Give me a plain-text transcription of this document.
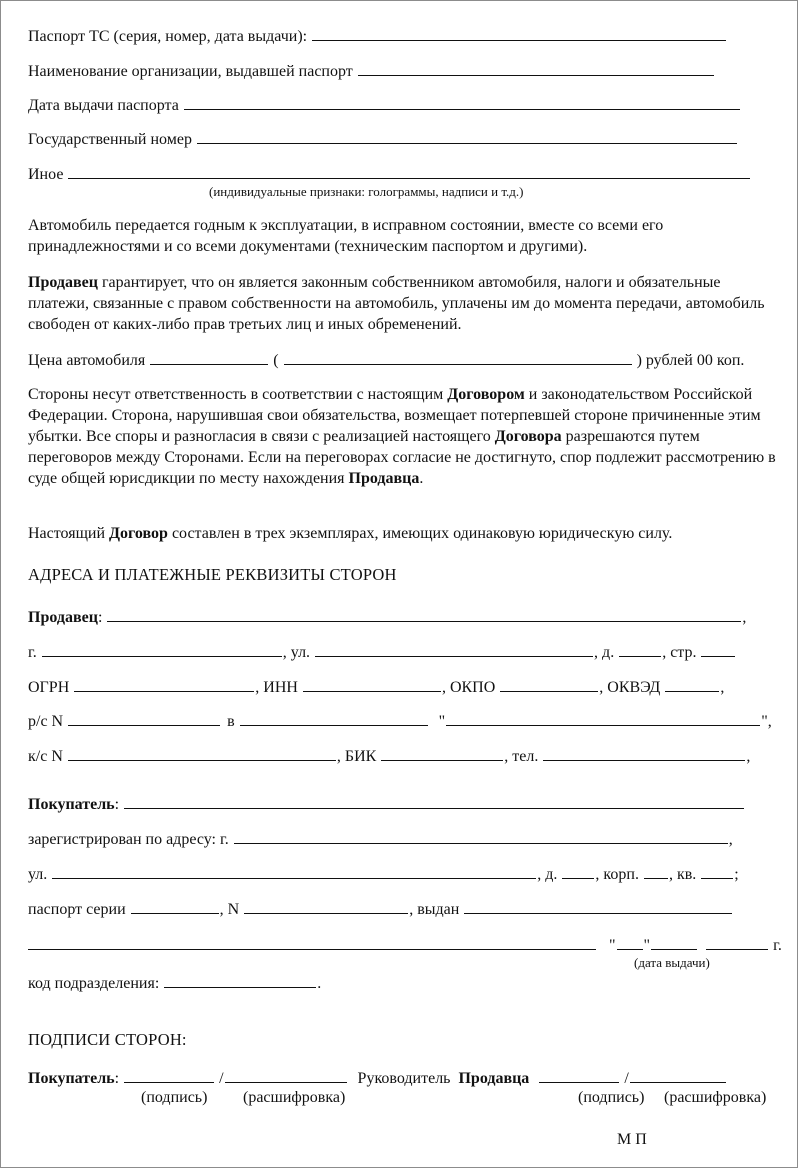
Паспорт ТС (серия, номер, дата выдачи):
Наименование организации, выдавшей паспорт
Дата выдачи паспорта
Государственный номер
Иное
(индивидуальные признаки: голограммы, надписи и т.д.)
Автомобиль передается годным к эксплуатации, в исправном состоянии, вместе со всеми его принадлежностями и со всеми документами (техническим паспортом и другими).
Продавец гарантирует, что он является законным собственником автомобиля, налоги и обязательные платежи, связанные с правом собственности на автомобиль, уплачены им до момента передачи, автомобиль свободен от каких-либо прав третьих лиц и иных обременений.
Цена автомобиля	(	) рублей 00 коп.
Стороны несут ответственность в соответствии с настоящим Договором и законодательством Российской Федерации. Сторона, нарушившая свои обязательства, возмещает потерпевшей стороне причиненные этим убытки. Все споры и разногласия в связи с реализацией настоящего Договора разрешаются путем переговоров между Сторонами. Если на переговорах согласие не достигнуто, спор подлежит рассмотрению в суде общей юрисдикции по месту нахождения Продавца.
Настоящий Договор составлен в трех экземплярах, имеющих одинаковую юридическую силу.
АДРЕСА И ПЛАТЕЖНЫЕ РЕКВИЗИТЫ СТОРОН
Продавец:	,
г.	, ул.	, д.	, стр.
ОГРН	, ИНН	, ОКПО	, ОКВЭД	,
р/с N	в	"	",
к/с N	, БИК	, тел.	,
Покупатель:
зарегистрирован по адресу: г.	,
ул.	, д. , корп. , кв. ;
паспорт серии	, N	, выдан
" "	г.
(дата выдачи)
код подразделения:	.
ПОДПИСИ СТОРОН:
Покупатель:	/	Руководитель Продавца	/
(подпись) (расшифровка)	(подпись) (расшифровка)
М П
